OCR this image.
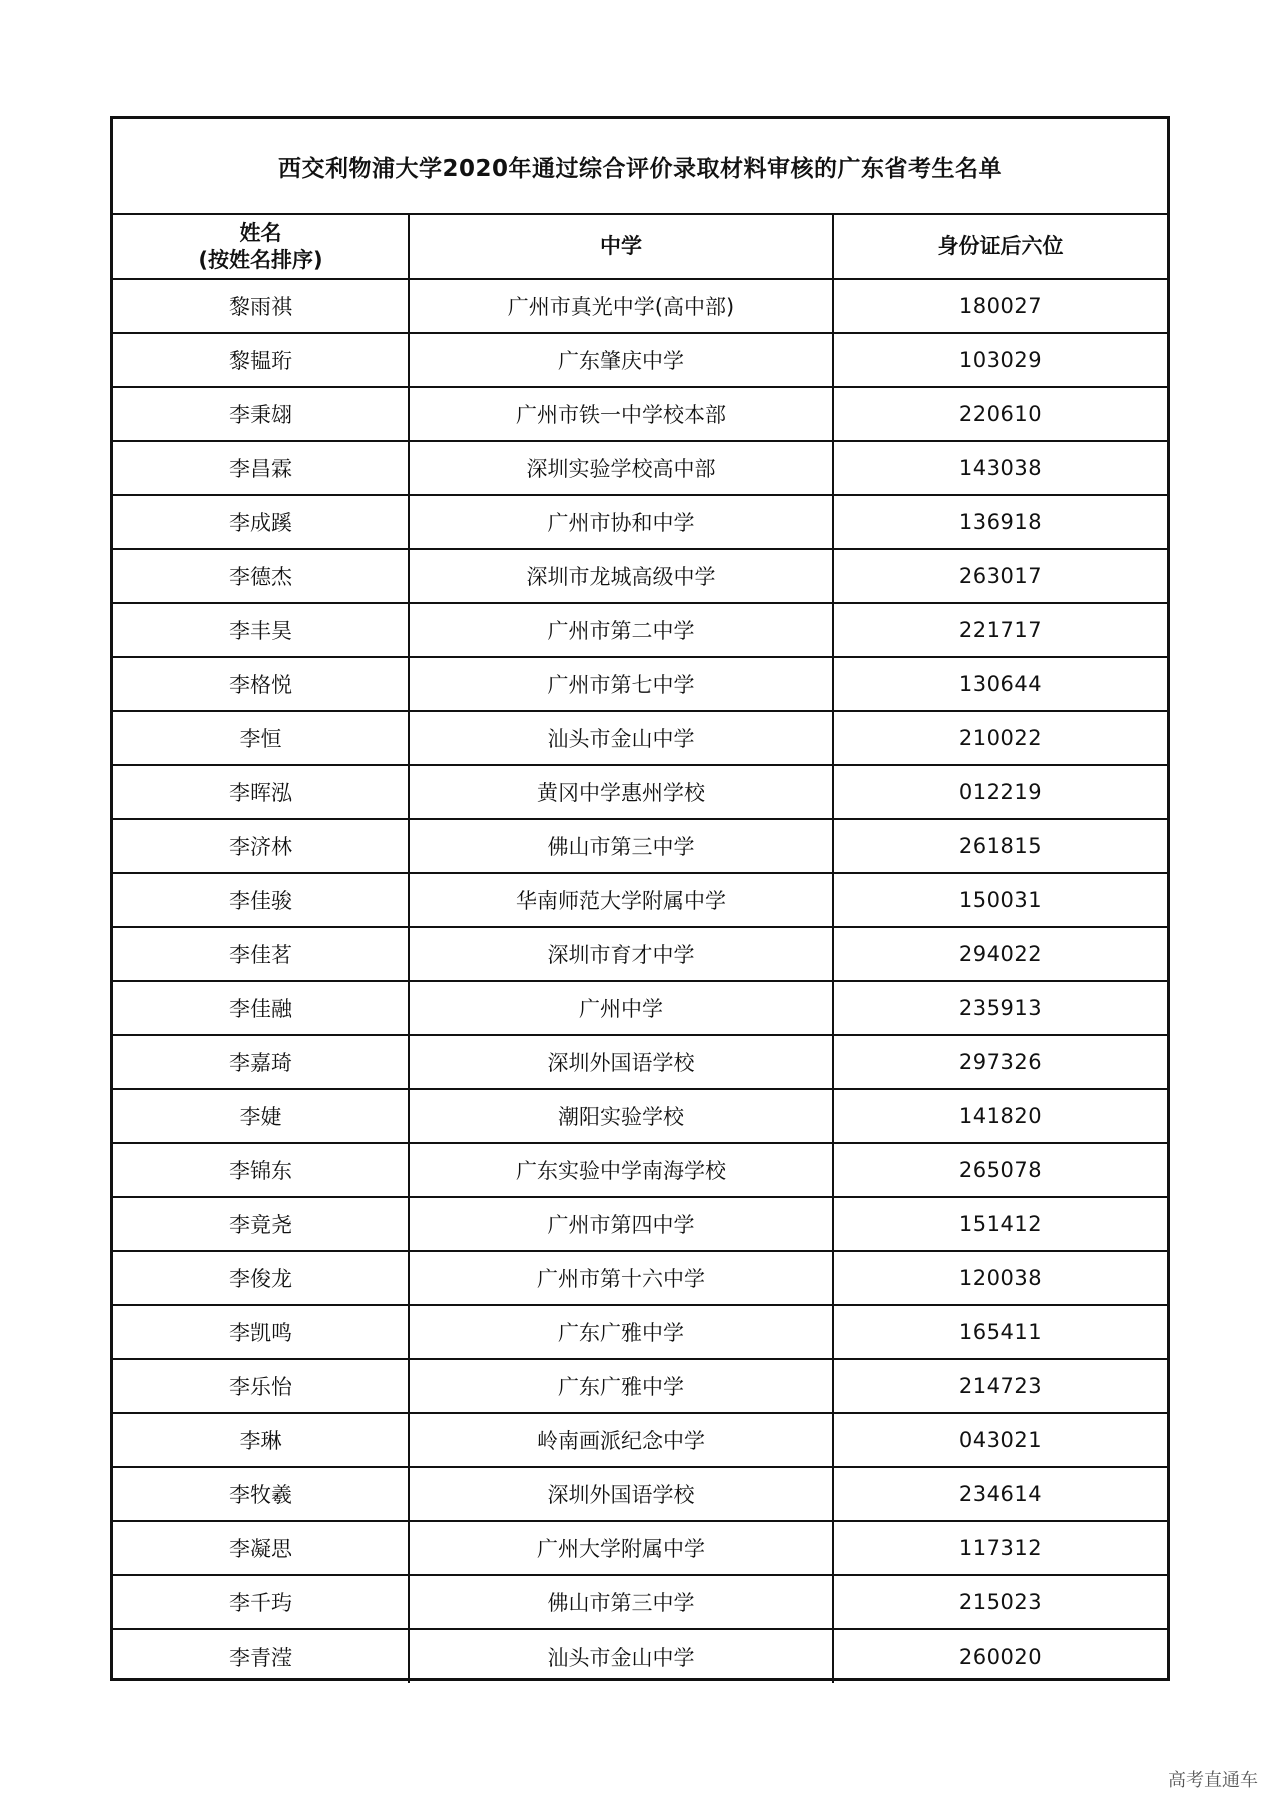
西交利物浦大学2020年通过综合评价录取材料审核的广东省考生名单
姓名
(按姓名排序)	中学	身份证后六位
黎雨祺	广州市真光中学(高中部)	180027
黎韫珩	广东肇庆中学	103029
李秉翃	广州市铁一中学校本部	220610
李昌霖	深圳实验学校高中部	143038
李成蹊	广州市协和中学	136918
李德杰	深圳市龙城高级中学	263017
李丰昊	广州市第二中学	221717
李格悦	广州市第七中学	130644
李恒	汕头市金山中学	210022
李晖泓	黄冈中学惠州学校	012219
李济林	佛山市第三中学	261815
李佳骏	华南师范大学附属中学	150031
李佳茗	深圳市育才中学	294022
李佳融	广州中学	235913
李嘉琦	深圳外国语学校	297326
李婕	潮阳实验学校	141820
李锦东	广东实验中学南海学校	265078
李竟尧	广州市第四中学	151412
李俊龙	广州市第十六中学	120038
李凯鸣	广东广雅中学	165411
李乐怡	广东广雅中学	214723
李琳	岭南画派纪念中学	043021
李牧羲	深圳外国语学校	234614
李凝思	广州大学附属中学	117312
李千玙	佛山市第三中学	215023
李青滢	汕头市金山中学	260020
高考直通车
